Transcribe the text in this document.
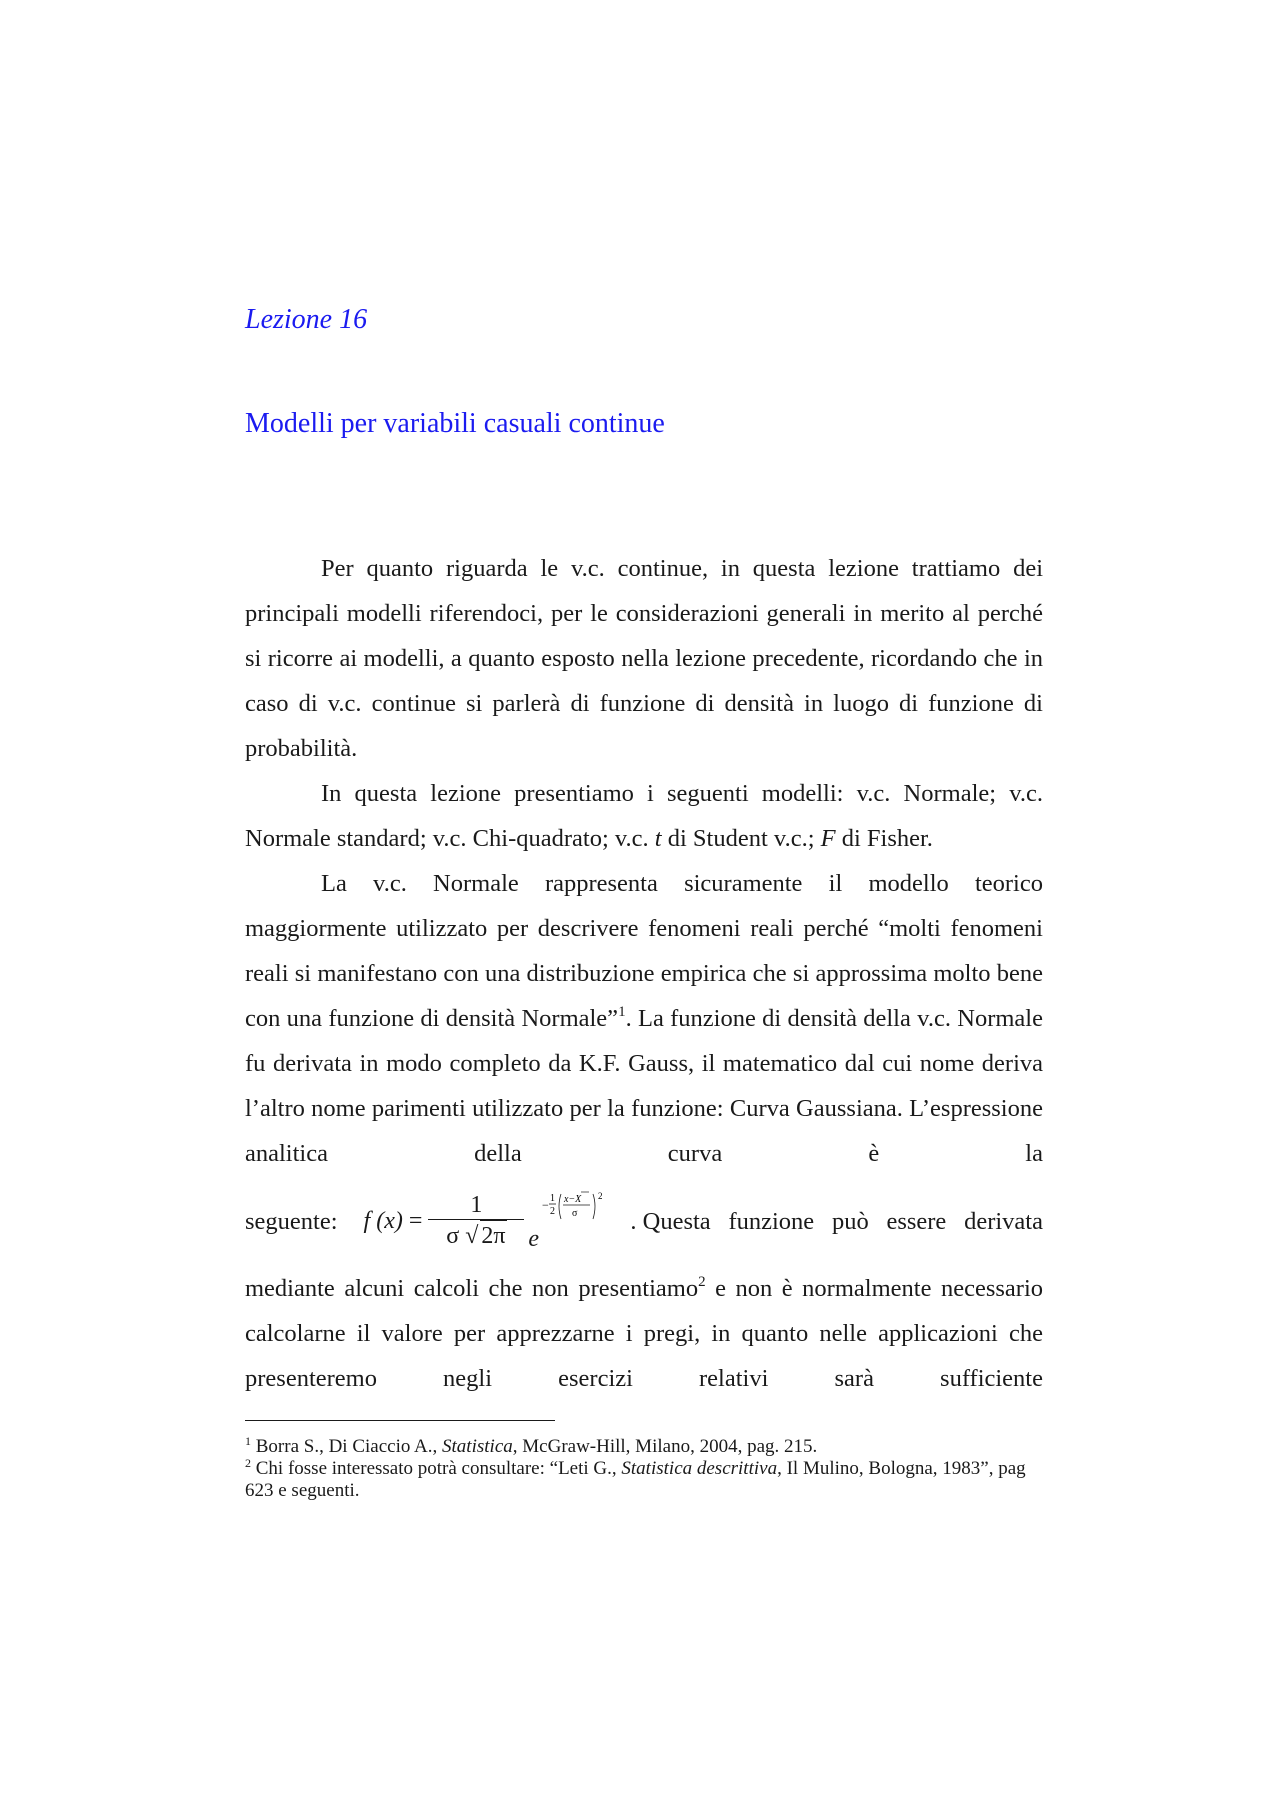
Lezione 16
Modelli per variabili casuali continue

Per quanto riguarda le v.c. continue, in questa lezione trattiamo dei principali modelli riferendoci, per le considerazioni generali in merito al perché si ricorre ai modelli, a quanto esposto nella lezione precedente, ricordando che in caso di v.c. continue si parlerà di funzione di densità in luogo di funzione di probabilità.

In questa lezione presentiamo i seguenti modelli: v.c. Normale; v.c. Normale standard; v.c. Chi-quadrato; v.c. t di Student v.c.; F di Fisher.

La v.c. Normale rappresenta sicuramente il modello teorico maggiormente utilizzato per descrivere fenomeni reali perché “molti fenomeni reali si manifestano con una distribuzione empirica che si approssima molto bene con una funzione di densità Normale”$^1$. La funzione di densità della v.c. Normale fu derivata in modo completo da K.F. Gauss, il matematico dal cui nome deriva l’altro nome parimenti utilizzato per la funzione: Curva Gaussiana. L’espressione analitica della curva è la

seguente: f $(x) = \frac{1}{\sigma √ 2\pi}$ e
− 1
2
x−X
σ
2
. Questa funzione può essere derivata

mediante alcuni calcoli che non presentiamo$^2$ e non è normalmente necessario calcolarne il valore per apprezzarne i pregi, in quanto nelle applicazioni che presenteremo negli esercizi relativi sarà sufficiente

$^1$ Borra S., Di Ciaccio A., Statistica, McGraw-Hill, Milano, 2004, pag. 215.

$^2$ Chi fosse interessato potrà consultare: “Leti G., Statistica descrittiva, Il Mulino, Bologna, 1983”, pag 623 e seguenti.
